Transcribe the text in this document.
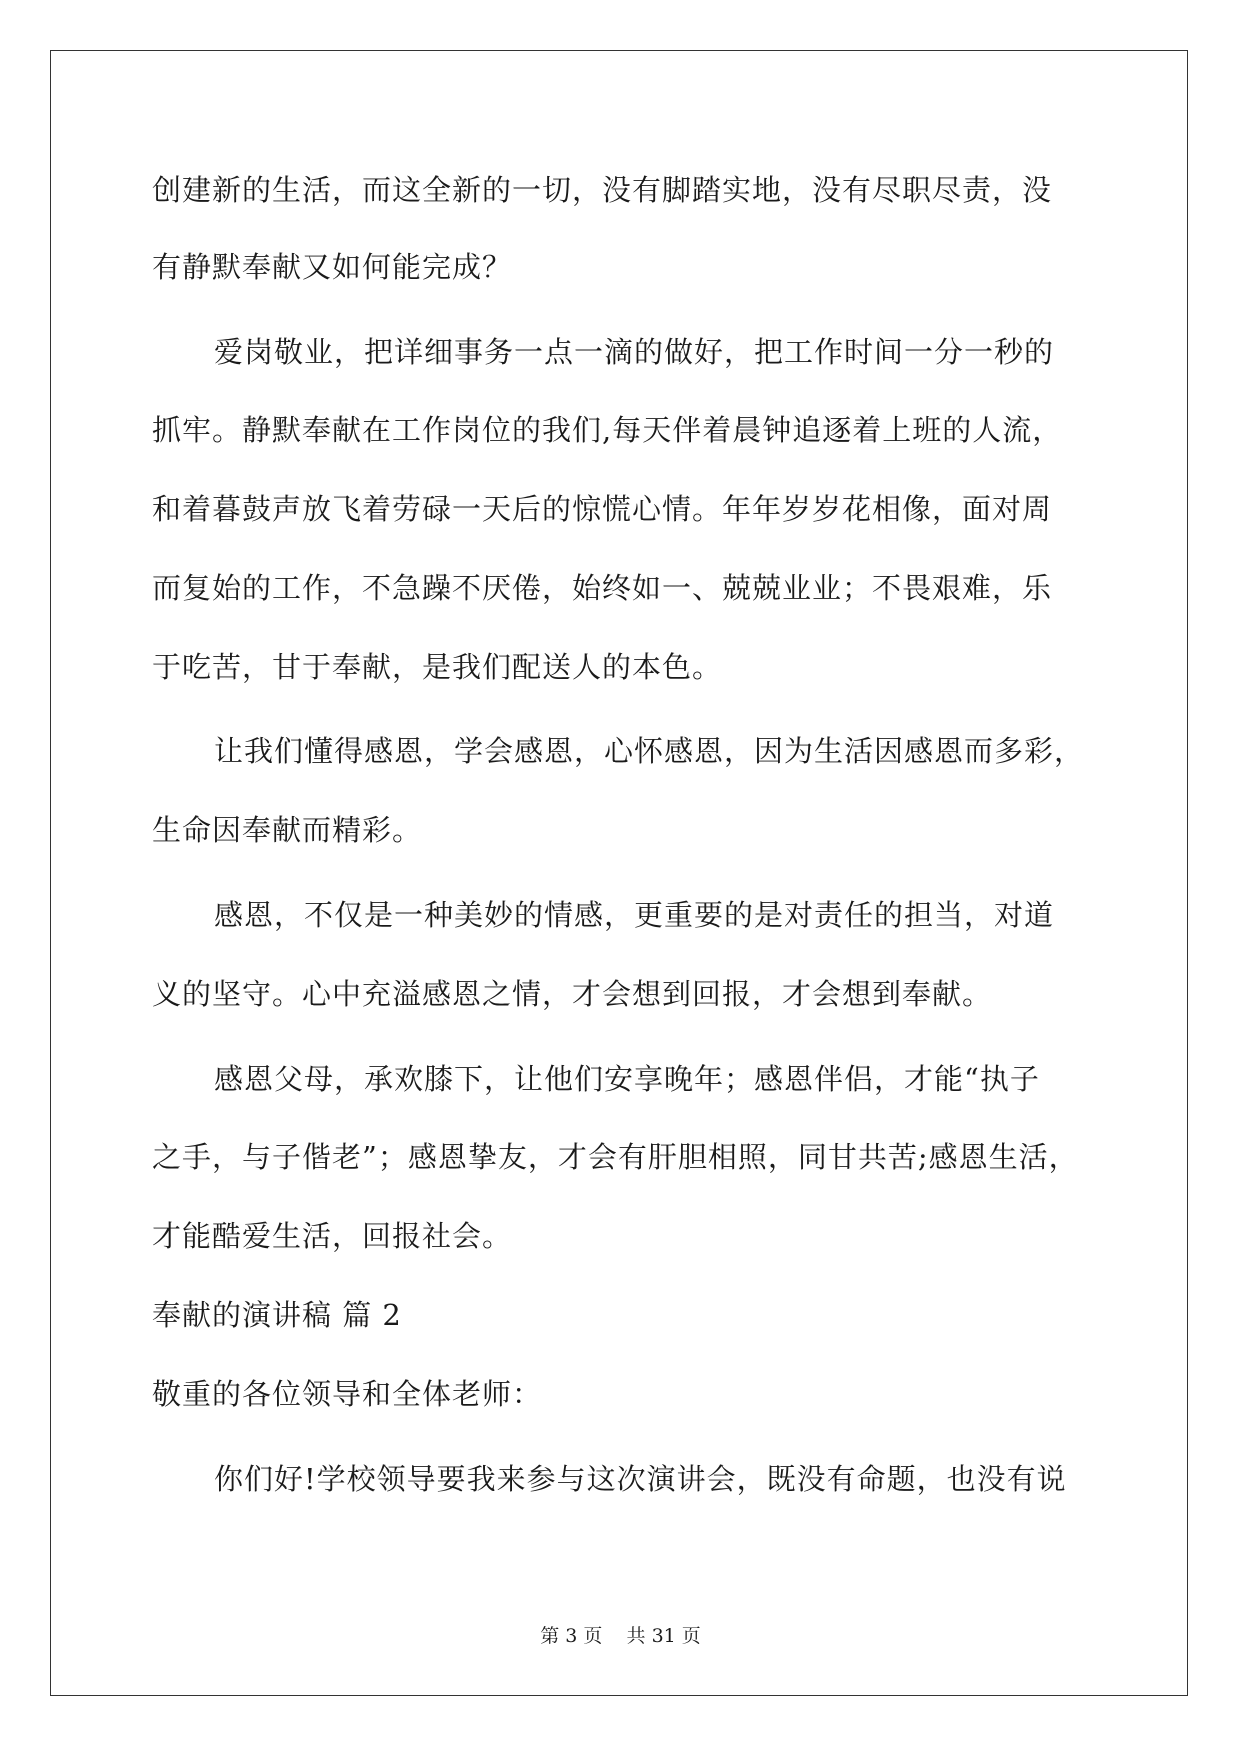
创建新的生活，而这全新的一切，没有脚踏实地，没有尽职尽责，没
有静默奉献又如何能完成？
爱岗敬业，把详细事务一点一滴的做好，把工作时间一分一秒的
抓牢。静默奉献在工作岗位的我们,每天伴着晨钟追逐着上班的人流，
和着暮鼓声放飞着劳碌一天后的惊慌心情。年年岁岁花相像，面对周
而复始的工作，不急躁不厌倦，始终如一、兢兢业业；不畏艰难，乐
于吃苦，甘于奉献，是我们配送人的本色。
让我们懂得感恩，学会感恩，心怀感恩，因为生活因感恩而多彩，
生命因奉献而精彩。
感恩，不仅是一种美妙的情感，更重要的是对责任的担当，对道
义的坚守。心中充溢感恩之情，才会想到回报，才会想到奉献。
感恩父母，承欢膝下，让他们安享晚年；感恩伴侣，才能“执子
之手，与子偕老”；感恩挚友，才会有肝胆相照，同甘共苦;感恩生活，
才能酷爱生活，回报社会。
奉献的演讲稿 篇 2
敬重的各位领导和全体老师：
你们好!学校领导要我来参与这次演讲会，既没有命题，也没有说
第 3 页    共 31 页
